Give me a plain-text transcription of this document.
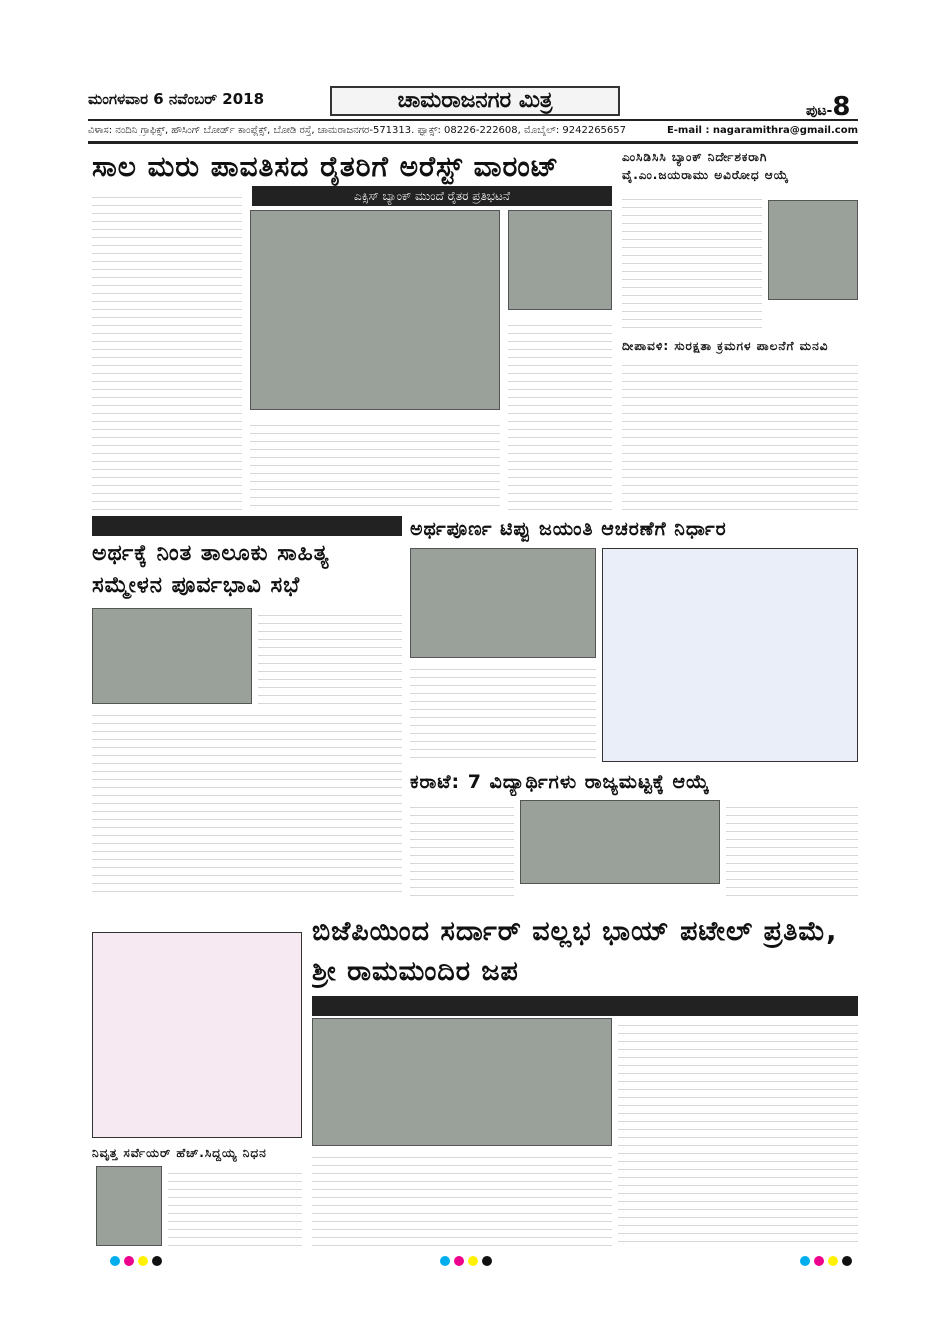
ಮಂಗಳವಾರ 6 ನವೆಂಬರ್ 2018	ಚಾಮರಾಜನಗರ ಮಿತ್ರ	ಪುಟ-8
ವಿಳಾಸ: ನಂದಿನಿ ಗ್ರಾಫಿಕ್ಸ್, ಹೌಸಿಂಗ್ ಬೋರ್ಡ್ ಕಾಂಪ್ಲೆಕ್ಸ್, ಬೋಡಿ ರಸ್ತೆ, ಚಾಮರಾಜನಗರ-571313. ಫ್ಯಾಕ್ಸ್: 08226-222608, ಮೊಬೈಲ್: 9242265657	E-mail : nagaramithra@gmail.com
ಸಾಲ ಮರು ಪಾವತಿಸದ ರೈತರಿಗೆ ಅರೆಸ್ಟ್ ವಾರಂಟ್
ಎಕ್ಸಿಸ್ ಬ್ಯಾಂಕ್ ಮುಂದೆ ರೈತರ ಪ್ರತಿಭಟನೆ
ಎಂಸಿಡಿಸಿಸಿ ಬ್ಯಾಂಕ್ ನಿರ್ದೇಶಕರಾಗಿ ವೈ.ಎಂ.ಜಯರಾಮು ಅವಿರೋಧ ಆಯ್ಕೆ
ದೀಪಾವಳಿ: ಸುರಕ್ಷತಾ ಕ್ರಮಗಳ ಪಾಲನೆಗೆ ಮನವಿ
ಅರ್ಥಕ್ಕೆ ನಿಂತ ತಾಲೂಕು ಸಾಹಿತ್ಯ ಸಮ್ಮೇಳನ ಪೂರ್ವಭಾವಿ ಸಭೆ
ಅರ್ಥಪೂರ್ಣ ಟಿಪ್ಪು ಜಯಂತಿ ಆಚರಣೆಗೆ ನಿರ್ಧಾರ
ಕರಾಟೆ: 7 ವಿದ್ಯಾರ್ಥಿಗಳು ರಾಜ್ಯಮಟ್ಟಕ್ಕೆ ಆಯ್ಕೆ
ನಿವೃತ್ತ ಸರ್ವೆಯರ್ ಹೆಚ್.ಸಿದ್ದಯ್ಯ ನಿಧನ
ಬಿಜೆಪಿಯಿಂದ ಸರ್ದಾರ್ ವಲ್ಲಭ ಭಾಯ್ ಪಟೇಲ್ ಪ್ರತಿಮೆ, ಶ್ರೀ ರಾಮಮಂದಿರ ಜಪ
